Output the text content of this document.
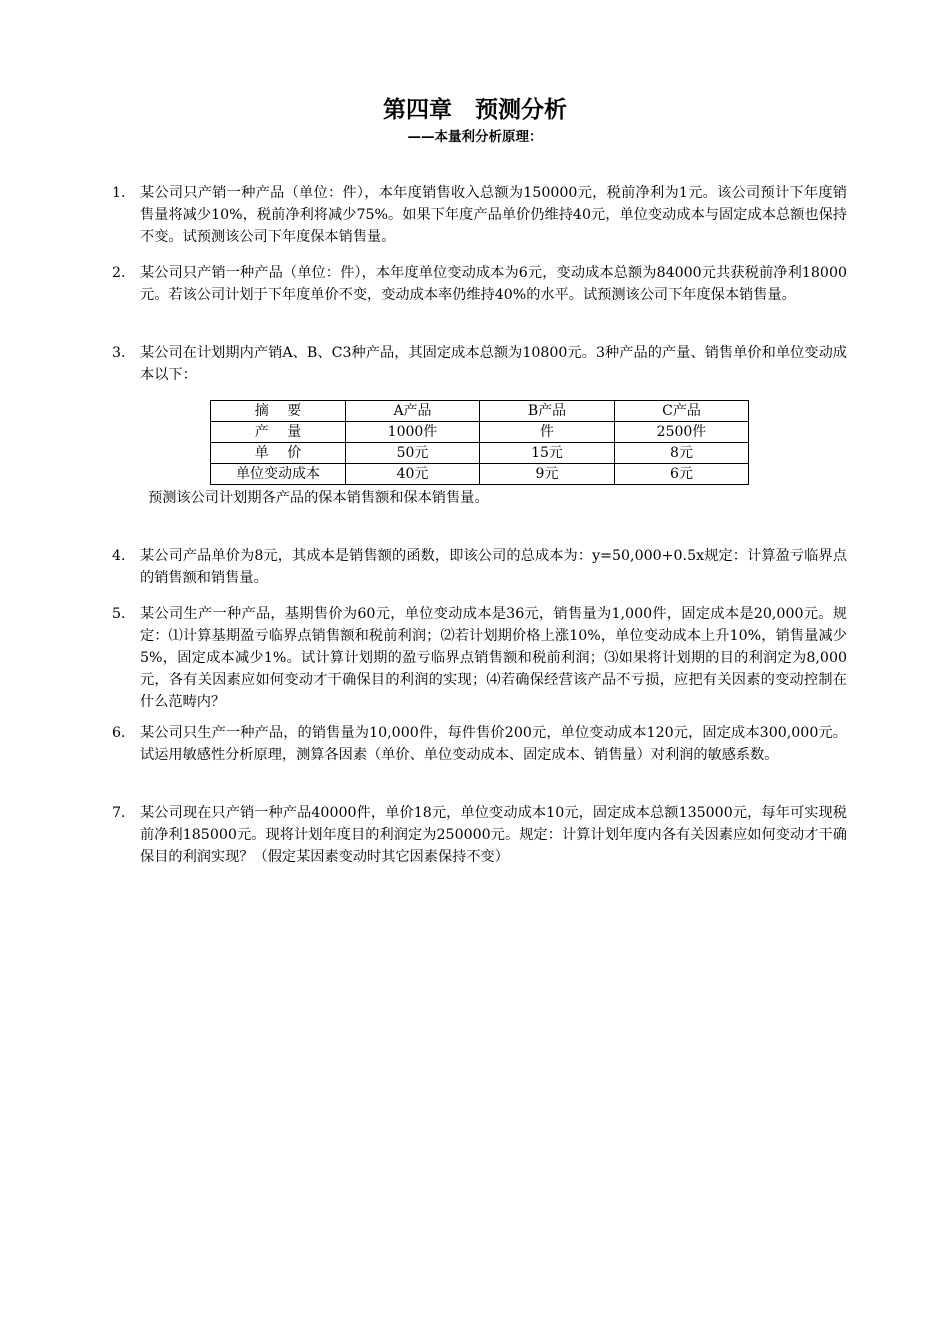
第四章　预测分析
——本量利分析原理：
1． 某公司只产销一种产品（单位：件），本年度销售收入总额为150000元，税前净利为1元。该公司预计下年度销售量将减少10%，税前净利将减少75%。如果下年度产品单价仍维持40元，单位变动成本与固定成本总额也保持不变。试预测该公司下年度保本销售量。
2． 某公司只产销一种产品（单位：件），本年度单位变动成本为6元，变动成本总额为84000元共获税前净利18000元。若该公司计划于下年度单价不变，变动成本率仍维持40%的水平。试预测该公司下年度保本销售量。
3． 某公司在计划期内产销A、B、C3种产品，其固定成本总额为10800元。3种产品的产量、销售单价和单位变动成本以下：
摘　 要	A产品	B产品	C产品
产　 量	1000件	件	2500件
单　 价	50元	15元	8元
单位变动成本	40元	9元	6元
预测该公司计划期各产品的保本销售额和保本销售量。
4． 某公司产品单价为8元，其成本是销售额的函数，即该公司的总成本为：y=50,000+0.5x规定：计算盈亏临界点的销售额和销售量。
5． 某公司生产一种产品，基期售价为60元，单位变动成本是36元，销售量为1,000件，固定成本是20,000元。规定：⑴计算基期盈亏临界点销售额和税前利润；⑵若计划期价格上涨10%，单位变动成本上升10%，销售量减少5%，固定成本减少1%。试计算计划期的盈亏临界点销售额和税前利润；⑶如果将计划期的目的利润定为8,000元，各有关因素应如何变动才干确保目的利润的实现；⑷若确保经营该产品不亏损，应把有关因素的变动控制在什么范畴内？
6． 某公司只生产一种产品，的销售量为10,000件，每件售价200元，单位变动成本120元，固定成本300,000元。试运用敏感性分析原理，测算各因素（单价、单位变动成本、固定成本、销售量）对利润的敏感系数。
7． 某公司现在只产销一种产品40000件，单价18元，单位变动成本10元，固定成本总额135000元，每年可实现税前净利185000元。现将计划年度目的利润定为250000元。规定：计算计划年度内各有关因素应如何变动才干确保目的利润实现？（假定某因素变动时其它因素保持不变）
